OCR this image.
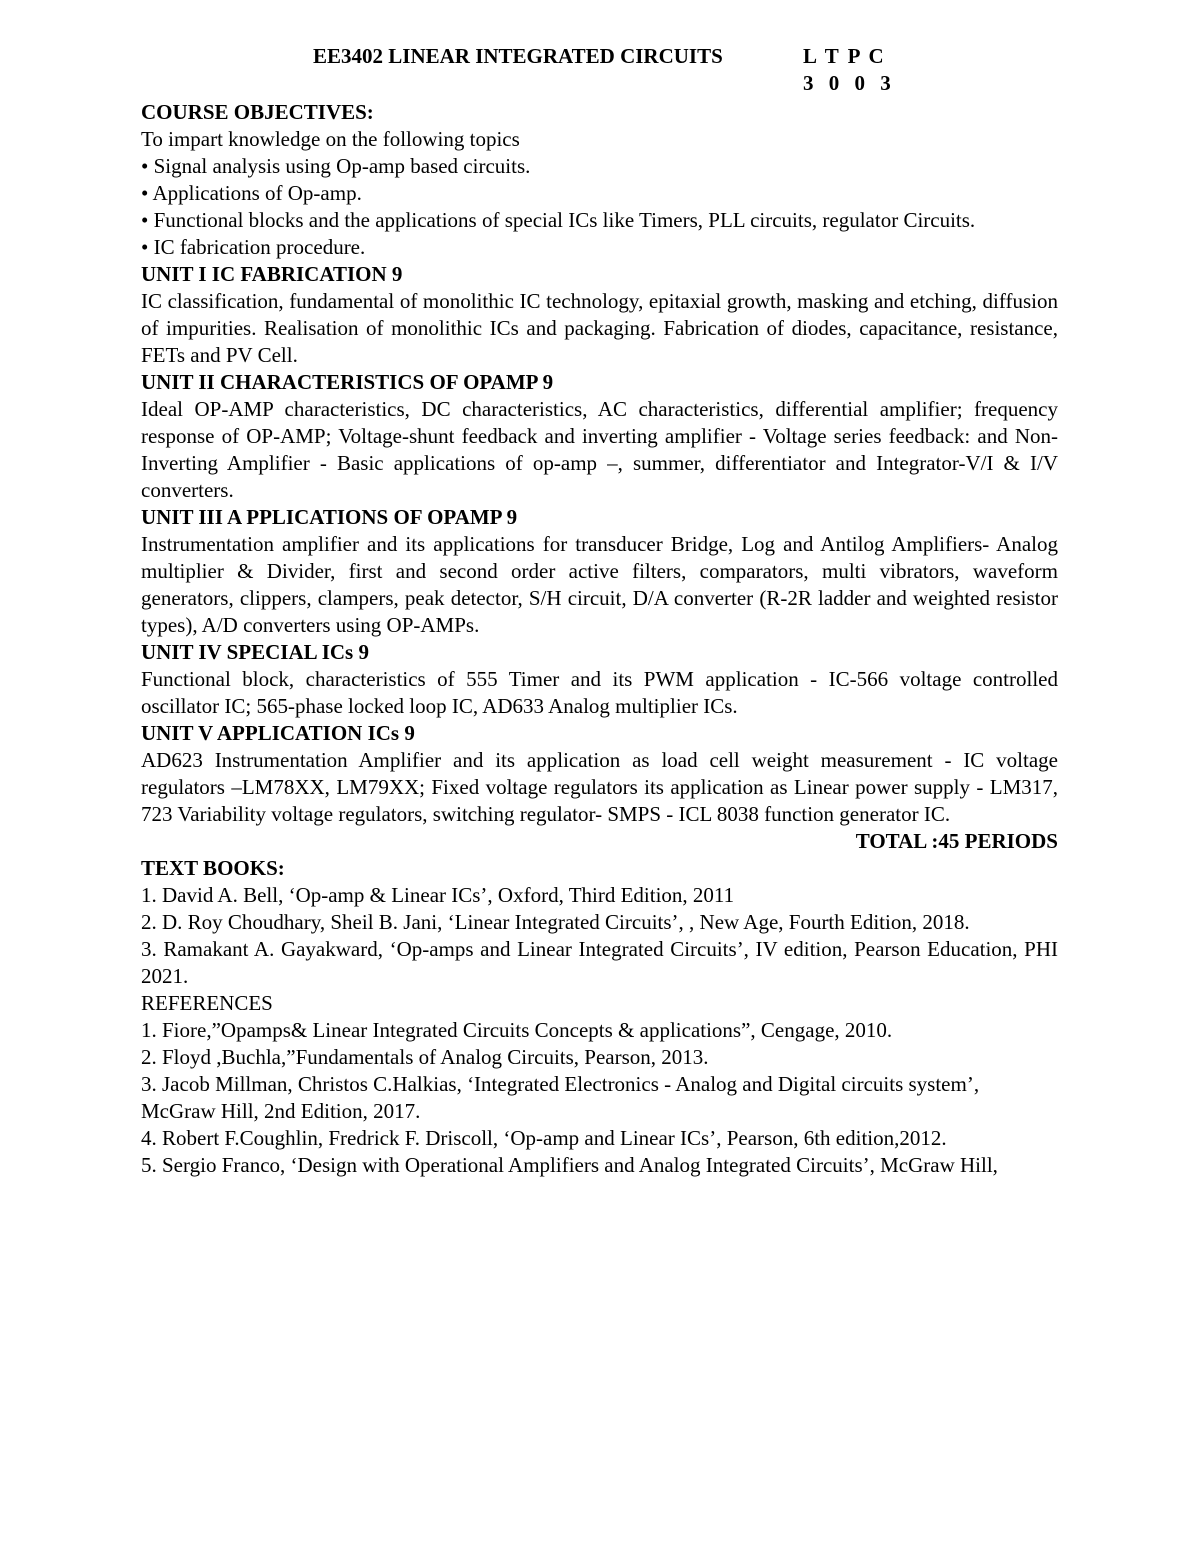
EE3402 LINEAR INTEGRATED CIRCUITS	L T P C
3 0 0 3

COURSE OBJECTIVES:

To impart knowledge on the following topics

• Signal analysis using Op-amp based circuits.

• Applications of Op-amp.

• Functional blocks and the applications of special ICs like Timers, PLL circuits, regulator Circuits.

• IC fabrication procedure.

UNIT I IC FABRICATION 9

IC classification, fundamental of monolithic IC technology, epitaxial growth, masking and etching, diffusion of impurities. Realisation of monolithic ICs and packaging. Fabrication of diodes, capacitance, resistance, FETs and PV Cell.

UNIT II CHARACTERISTICS OF OPAMP 9

Ideal OP-AMP characteristics, DC characteristics, AC characteristics, differential amplifier; frequency response of OP-AMP; Voltage-shunt feedback and inverting amplifier - Voltage series feedback: and Non-Inverting Amplifier - Basic applications of op-amp –, summer, differentiator and Integrator-V/I & I/V converters.

UNIT III A PPLICATIONS OF OPAMP 9

Instrumentation amplifier and its applications for transducer Bridge, Log and Antilog Amplifiers- Analog multiplier & Divider, first and second order active filters, comparators, multi vibrators, waveform generators, clippers, clampers, peak detector, S/H circuit, D/A converter (R-2R ladder and weighted resistor types), A/D converters using OP-AMPs.

UNIT IV SPECIAL ICs 9

Functional block, characteristics of 555 Timer and its PWM application - IC-566 voltage controlled oscillator IC; 565-phase locked loop IC, AD633 Analog multiplier ICs.

UNIT V APPLICATION ICs 9

AD623 Instrumentation Amplifier and its application as load cell weight measurement - IC voltage regulators –LM78XX, LM79XX; Fixed voltage regulators its application as Linear power supply - LM317, 723 Variability voltage regulators, switching regulator- SMPS - ICL 8038 function generator IC.

TOTAL :45 PERIODS

TEXT BOOKS:

1. David A. Bell, ‘Op-amp & Linear ICs’, Oxford, Third Edition, 2011

2. D. Roy Choudhary, Sheil B. Jani, ‘Linear Integrated Circuits’, , New Age, Fourth Edition, 2018.

3. Ramakant A. Gayakward, ‘Op-amps and Linear Integrated Circuits’, IV edition, Pearson Education, PHI 2021.

REFERENCES

1. Fiore,”Opamps& Linear Integrated Circuits Concepts & applications”, Cengage, 2010.

2. Floyd ,Buchla,”Fundamentals of Analog Circuits, Pearson, 2013.

3. Jacob Millman, Christos C.Halkias, ‘Integrated Electronics - Analog and Digital circuits system’,

McGraw Hill, 2nd Edition, 2017.

4. Robert F.Coughlin, Fredrick F. Driscoll, ‘Op-amp and Linear ICs’, Pearson, 6th edition,2012.

5. Sergio Franco, ‘Design with Operational Amplifiers and Analog Integrated Circuits’, McGraw Hill,
